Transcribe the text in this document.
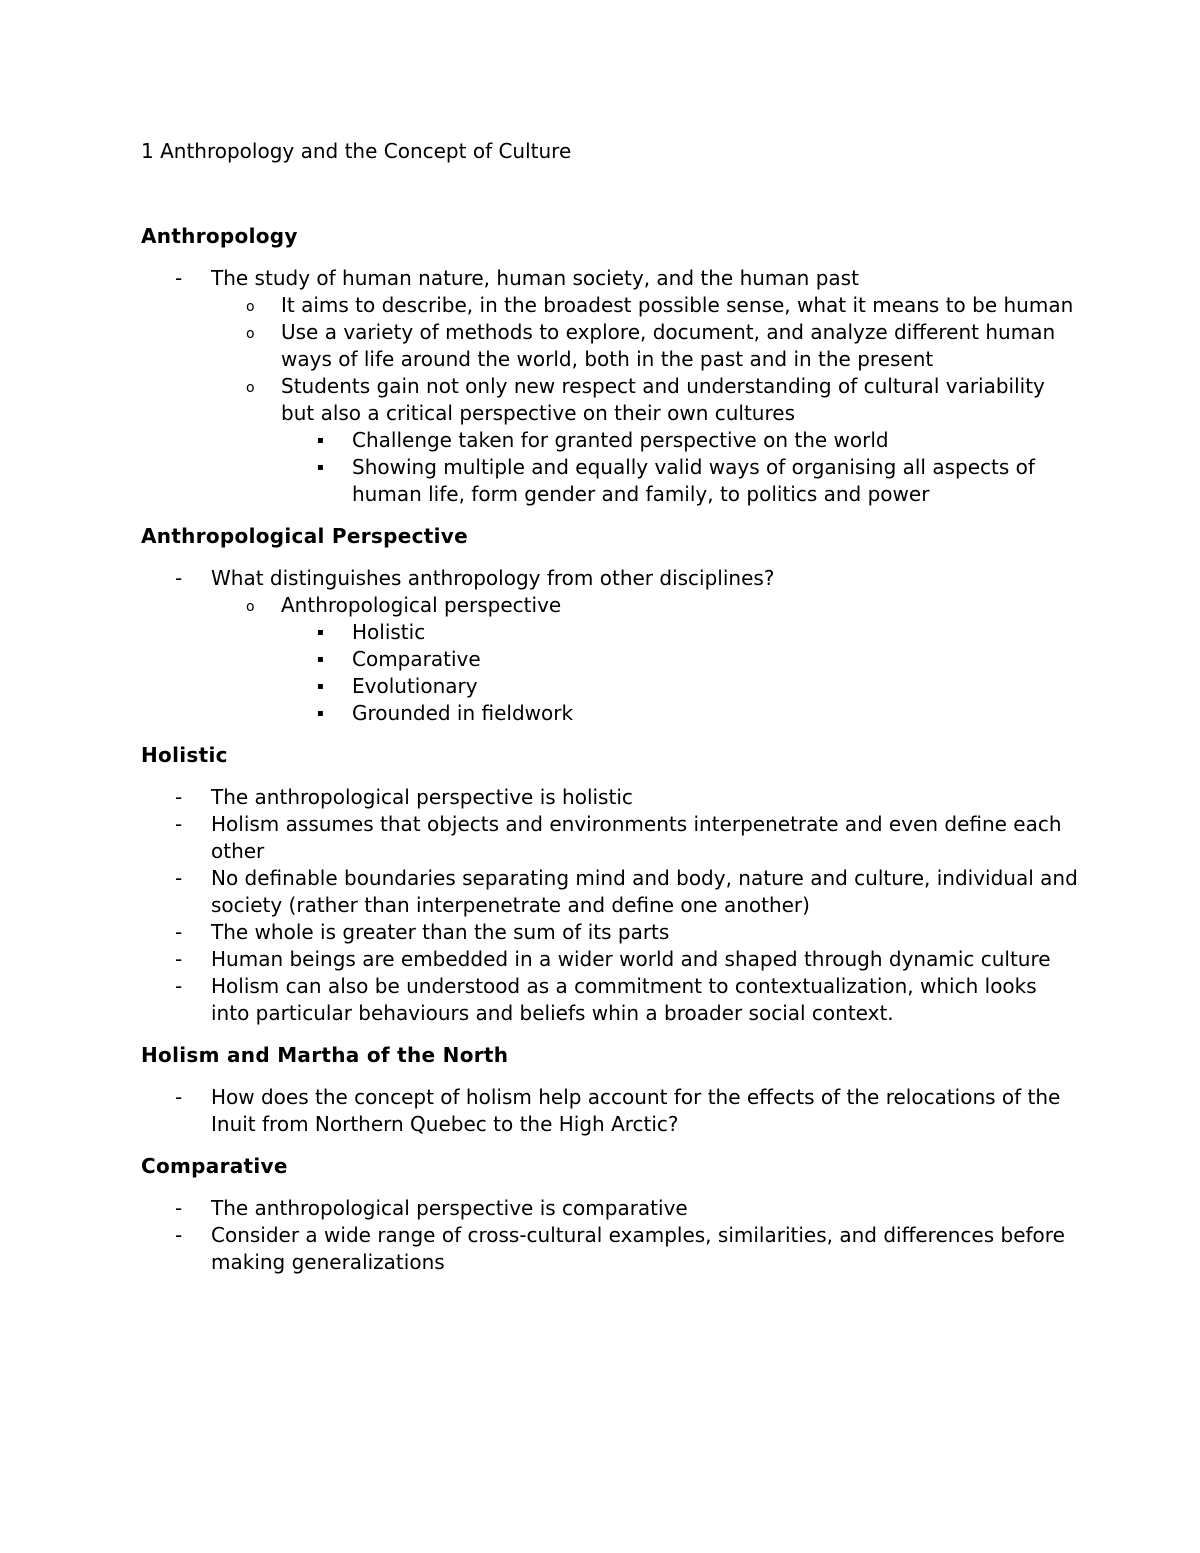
1 Anthropology and the Concept of Culture
Anthropology
-	The study of human nature, human society, and the human past
o	It aims to describe, in the broadest possible sense, what it means to be human
o	Use a variety of methods to explore, document, and analyze different human ways of life around the world, both in the past and in the present
o	Students gain not only new respect and understanding of cultural variability but also a critical perspective on their own cultures
▪	Challenge taken for granted perspective on the world
▪	Showing multiple and equally valid ways of organising all aspects of human life, form gender and family, to politics and power
Anthropological Perspective
-	What distinguishes anthropology from other disciplines?
o	Anthropological perspective
▪	Holistic
▪	Comparative
▪	Evolutionary
▪	Grounded in fieldwork
Holistic
-	The anthropological perspective is holistic
-	Holism assumes that objects and environments interpenetrate and even define each other
-	No definable boundaries separating mind and body, nature and culture, individual and society (rather than interpenetrate and define one another)
-	The whole is greater than the sum of its parts
-	Human beings are embedded in a wider world and shaped through dynamic culture
-	Holism can also be understood as a commitment to contextualization, which looks into particular behaviours and beliefs whin a broader social context.
Holism and Martha of the North
-	How does the concept of holism help account for the effects of the relocations of the Inuit from Northern Quebec to the High Arctic?
Comparative
-	The anthropological perspective is comparative
-	Consider a wide range of cross-cultural examples, similarities, and differences before making generalizations
